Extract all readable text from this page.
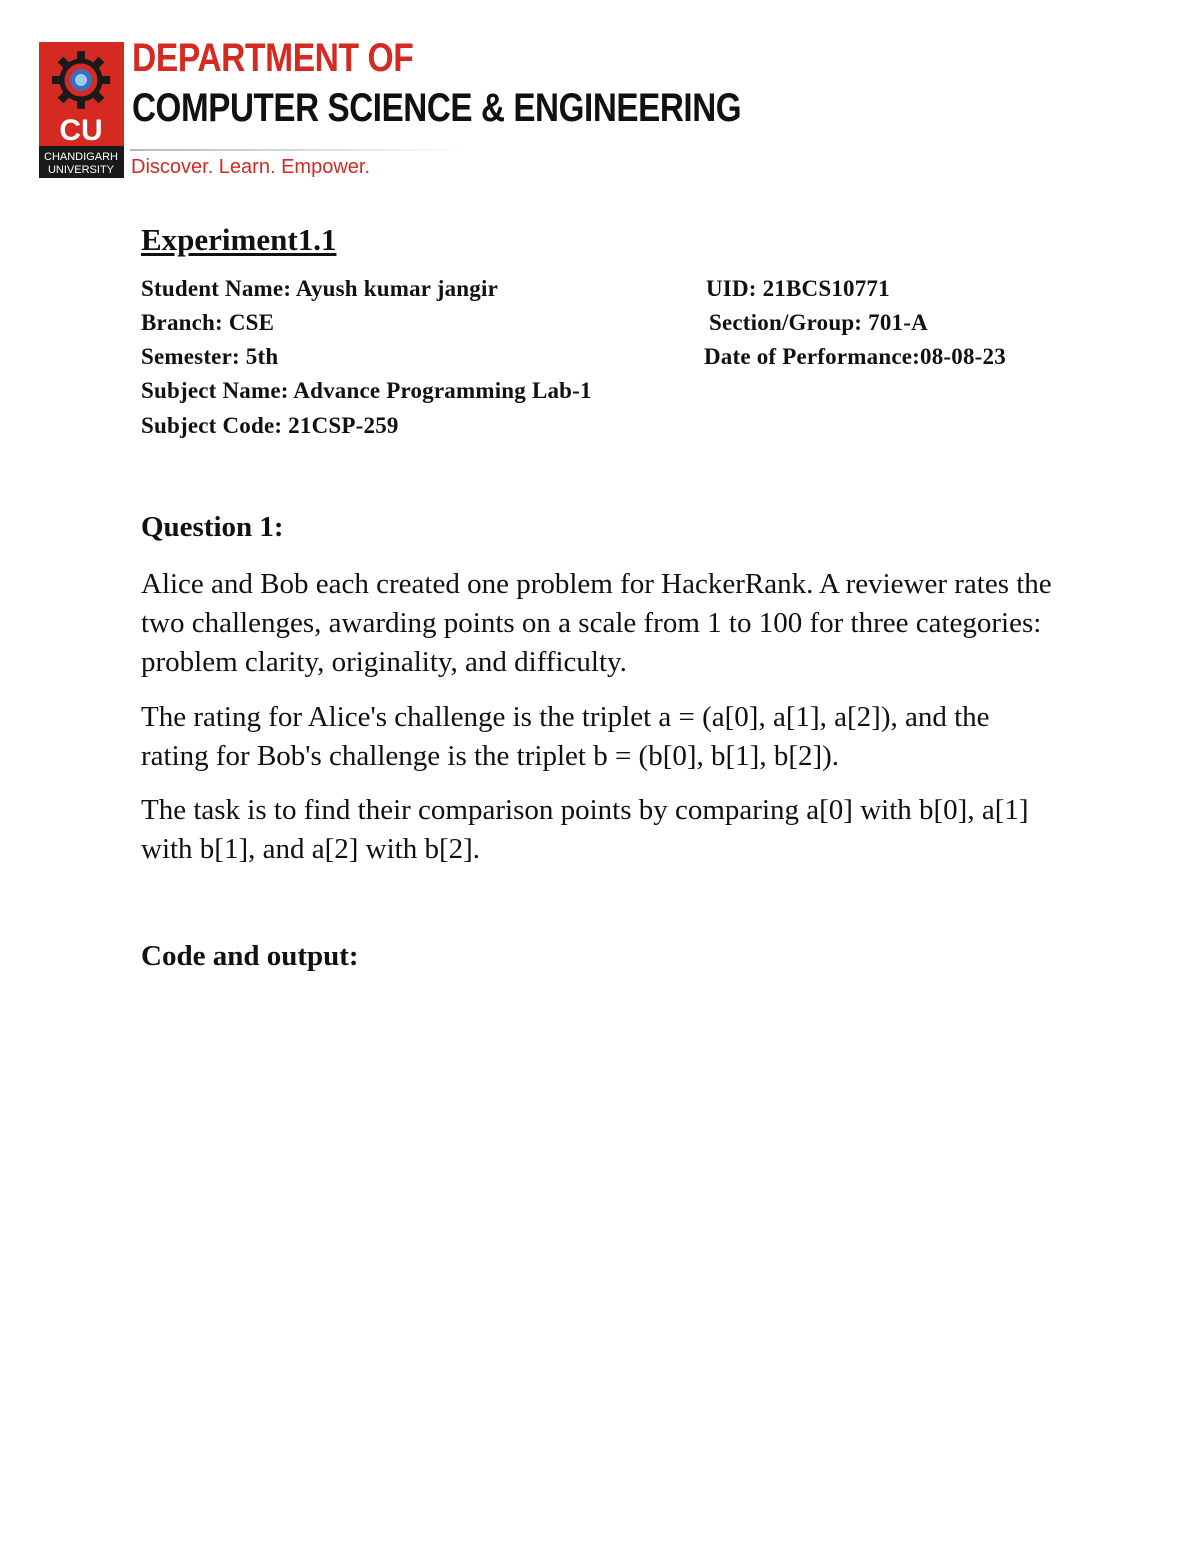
CU
CHANDIGARH
UNIVERSITY
DEPARTMENT OF
COMPUTER SCIENCE & ENGINEERING
Discover. Learn. Empower.
Experiment1.1
Student Name: Ayush kumar jangir	UID: 21BCS10771
Branch: CSE	Section/Group: 701-A
Semester: 5th	Date of Performance:08-08-23
Subject Name: Advance Programming Lab-1
Subject Code: 21CSP-259
Question 1:

Alice and Bob each created one problem for HackerRank. A reviewer rates the two challenges, awarding points on a scale from 1 to 100 for three categories: problem clarity, originality, and difficulty.

The rating for Alice's challenge is the triplet a = (a[0], a[1], a[2]), and the rating for Bob's challenge is the triplet b = (b[0], b[1], b[2]).

The task is to find their comparison points by comparing a[0] with b[0], a[1] with b[1], and a[2] with b[2].

Code and output:
